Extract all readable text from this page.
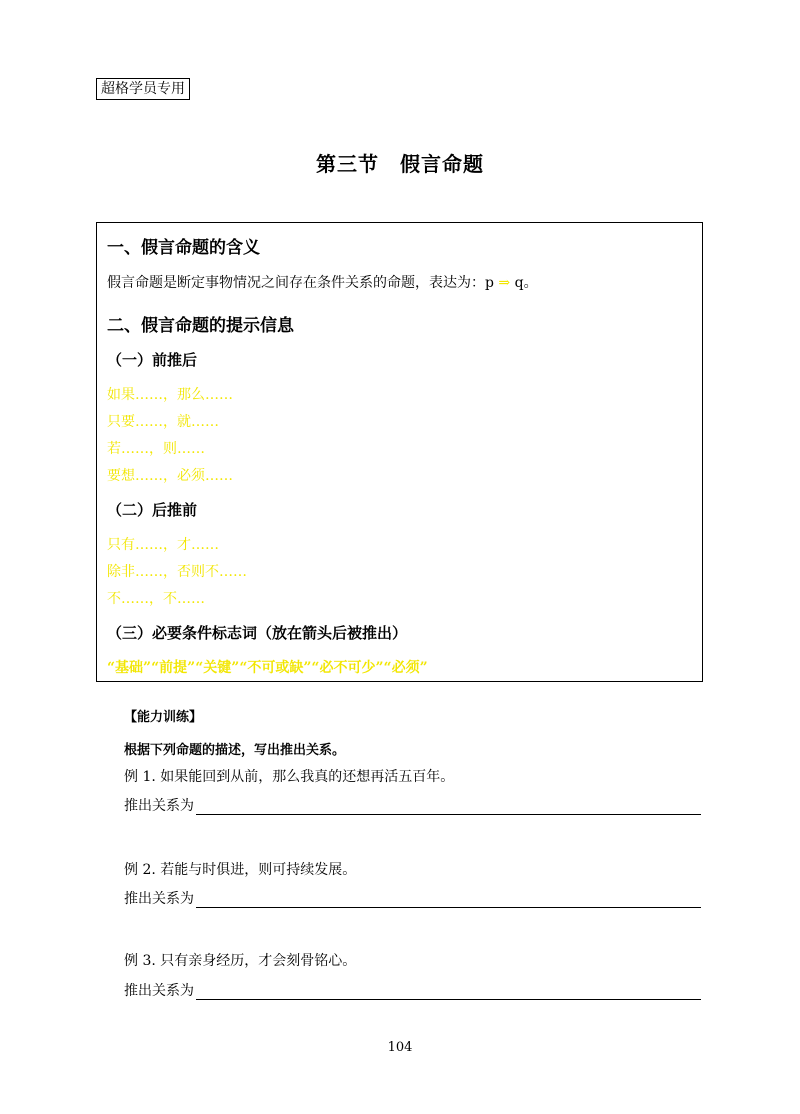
超格学员专用
第三节　假言命题
一、假言命题的含义
假言命题是断定事物情况之间存在条件关系的命题，表达为：p ⇒ q。
二、假言命题的提示信息
（一）前推后
如果……，那么……
只要……，就……
若……，则……
要想……，必须……
（二）后推前
只有……，才……
除非……，否则不……
不……，不……
（三）必要条件标志词（放在箭头后被推出）
“基础”“前提”“关键”“不可或缺”“必不可少”“必须”
【能力训练】
根据下列命题的描述，写出推出关系。
例 1. 如果能回到从前，那么我真的还想再活五百年。
推出关系为
例 2. 若能与时俱进，则可持续发展。
推出关系为
例 3. 只有亲身经历，才会刻骨铭心。
推出关系为
104
